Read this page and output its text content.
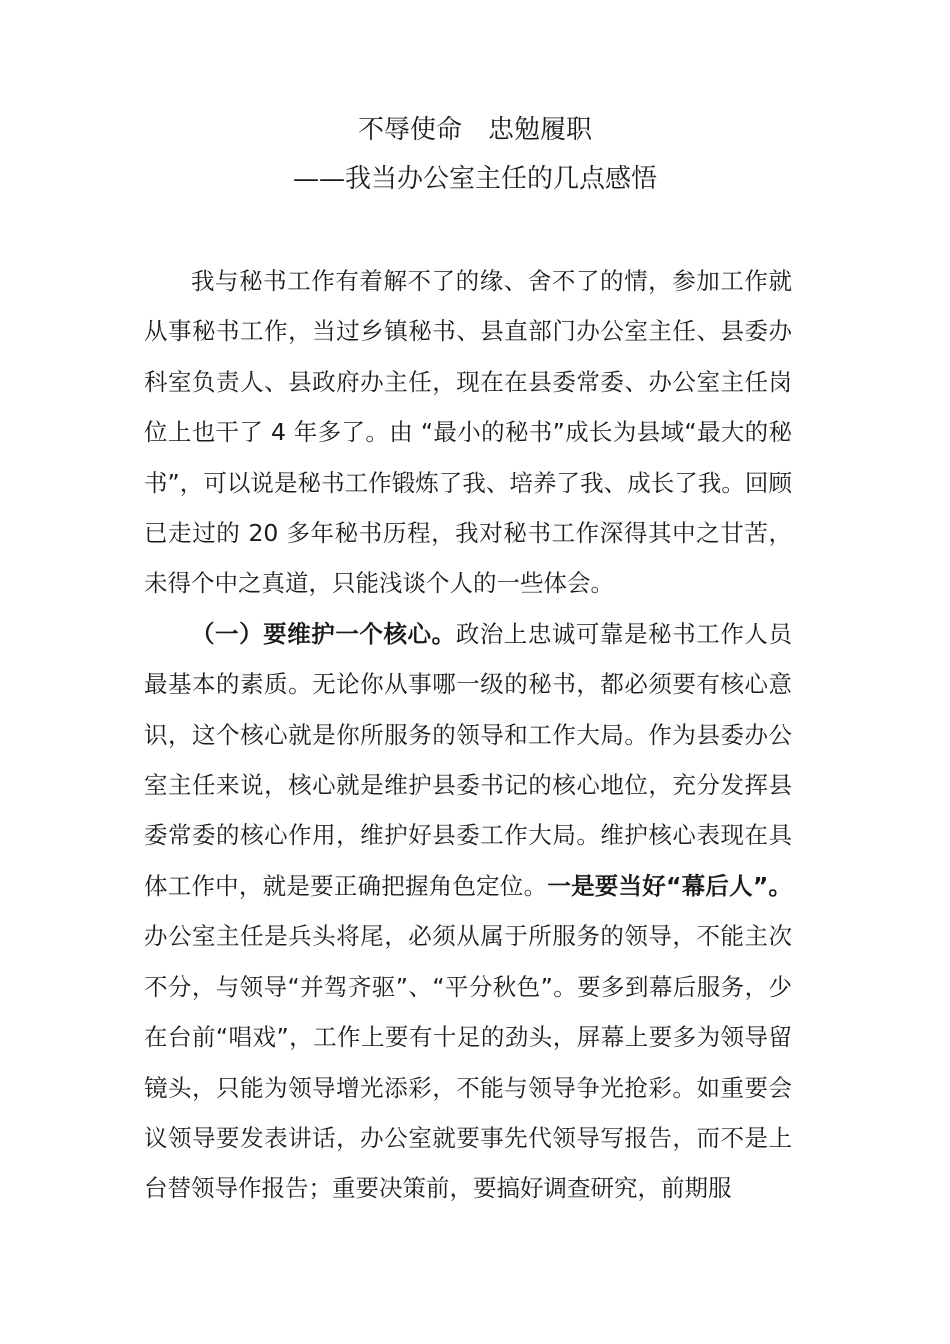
不辱使命　忠勉履职
——我当办公室主任的几点感悟

我与秘书工作有着解不了的缘、舍不了的情，参加工作就从事秘书工作，当过乡镇秘书、县直部门办公室主任、县委办科室负责人、县政府办主任，现在在县委常委、办公室主任岗位上也干了 4 年多了。由 “最小的秘书”成长为县域“最大的秘书”，可以说是秘书工作锻炼了我、培养了我、成长了我。回顾已走过的 20 多年秘书历程，我对秘书工作深得其中之甘苦，未得个中之真道，只能浅谈个人的一些体会。

（一）要维护一个核心。政治上忠诚可靠是秘书工作人员最基本的素质。无论你从事哪一级的秘书，都必须要有核心意识，这个核心就是你所服务的领导和工作大局。作为县委办公室主任来说，核心就是维护县委书记的核心地位，充分发挥县委常委的核心作用，维护好县委工作大局。维护核心表现在具体工作中，就是要正确把握角色定位。一是要当好“幕后人”。办公室主任是兵头将尾，必须从属于所服务的领导，不能主次不分，与领导“并驾齐驱”、“平分秋色”。要多到幕后服务，少在台前“唱戏”，工作上要有十足的劲头，屏幕上要多为领导留镜头，只能为领导增光添彩，不能与领导争光抢彩。如重要会议领导要发表讲话，办公室就要事先代领导写报告，而不是上台替领导作报告；重要决策前，要搞好调查研究，前期服
